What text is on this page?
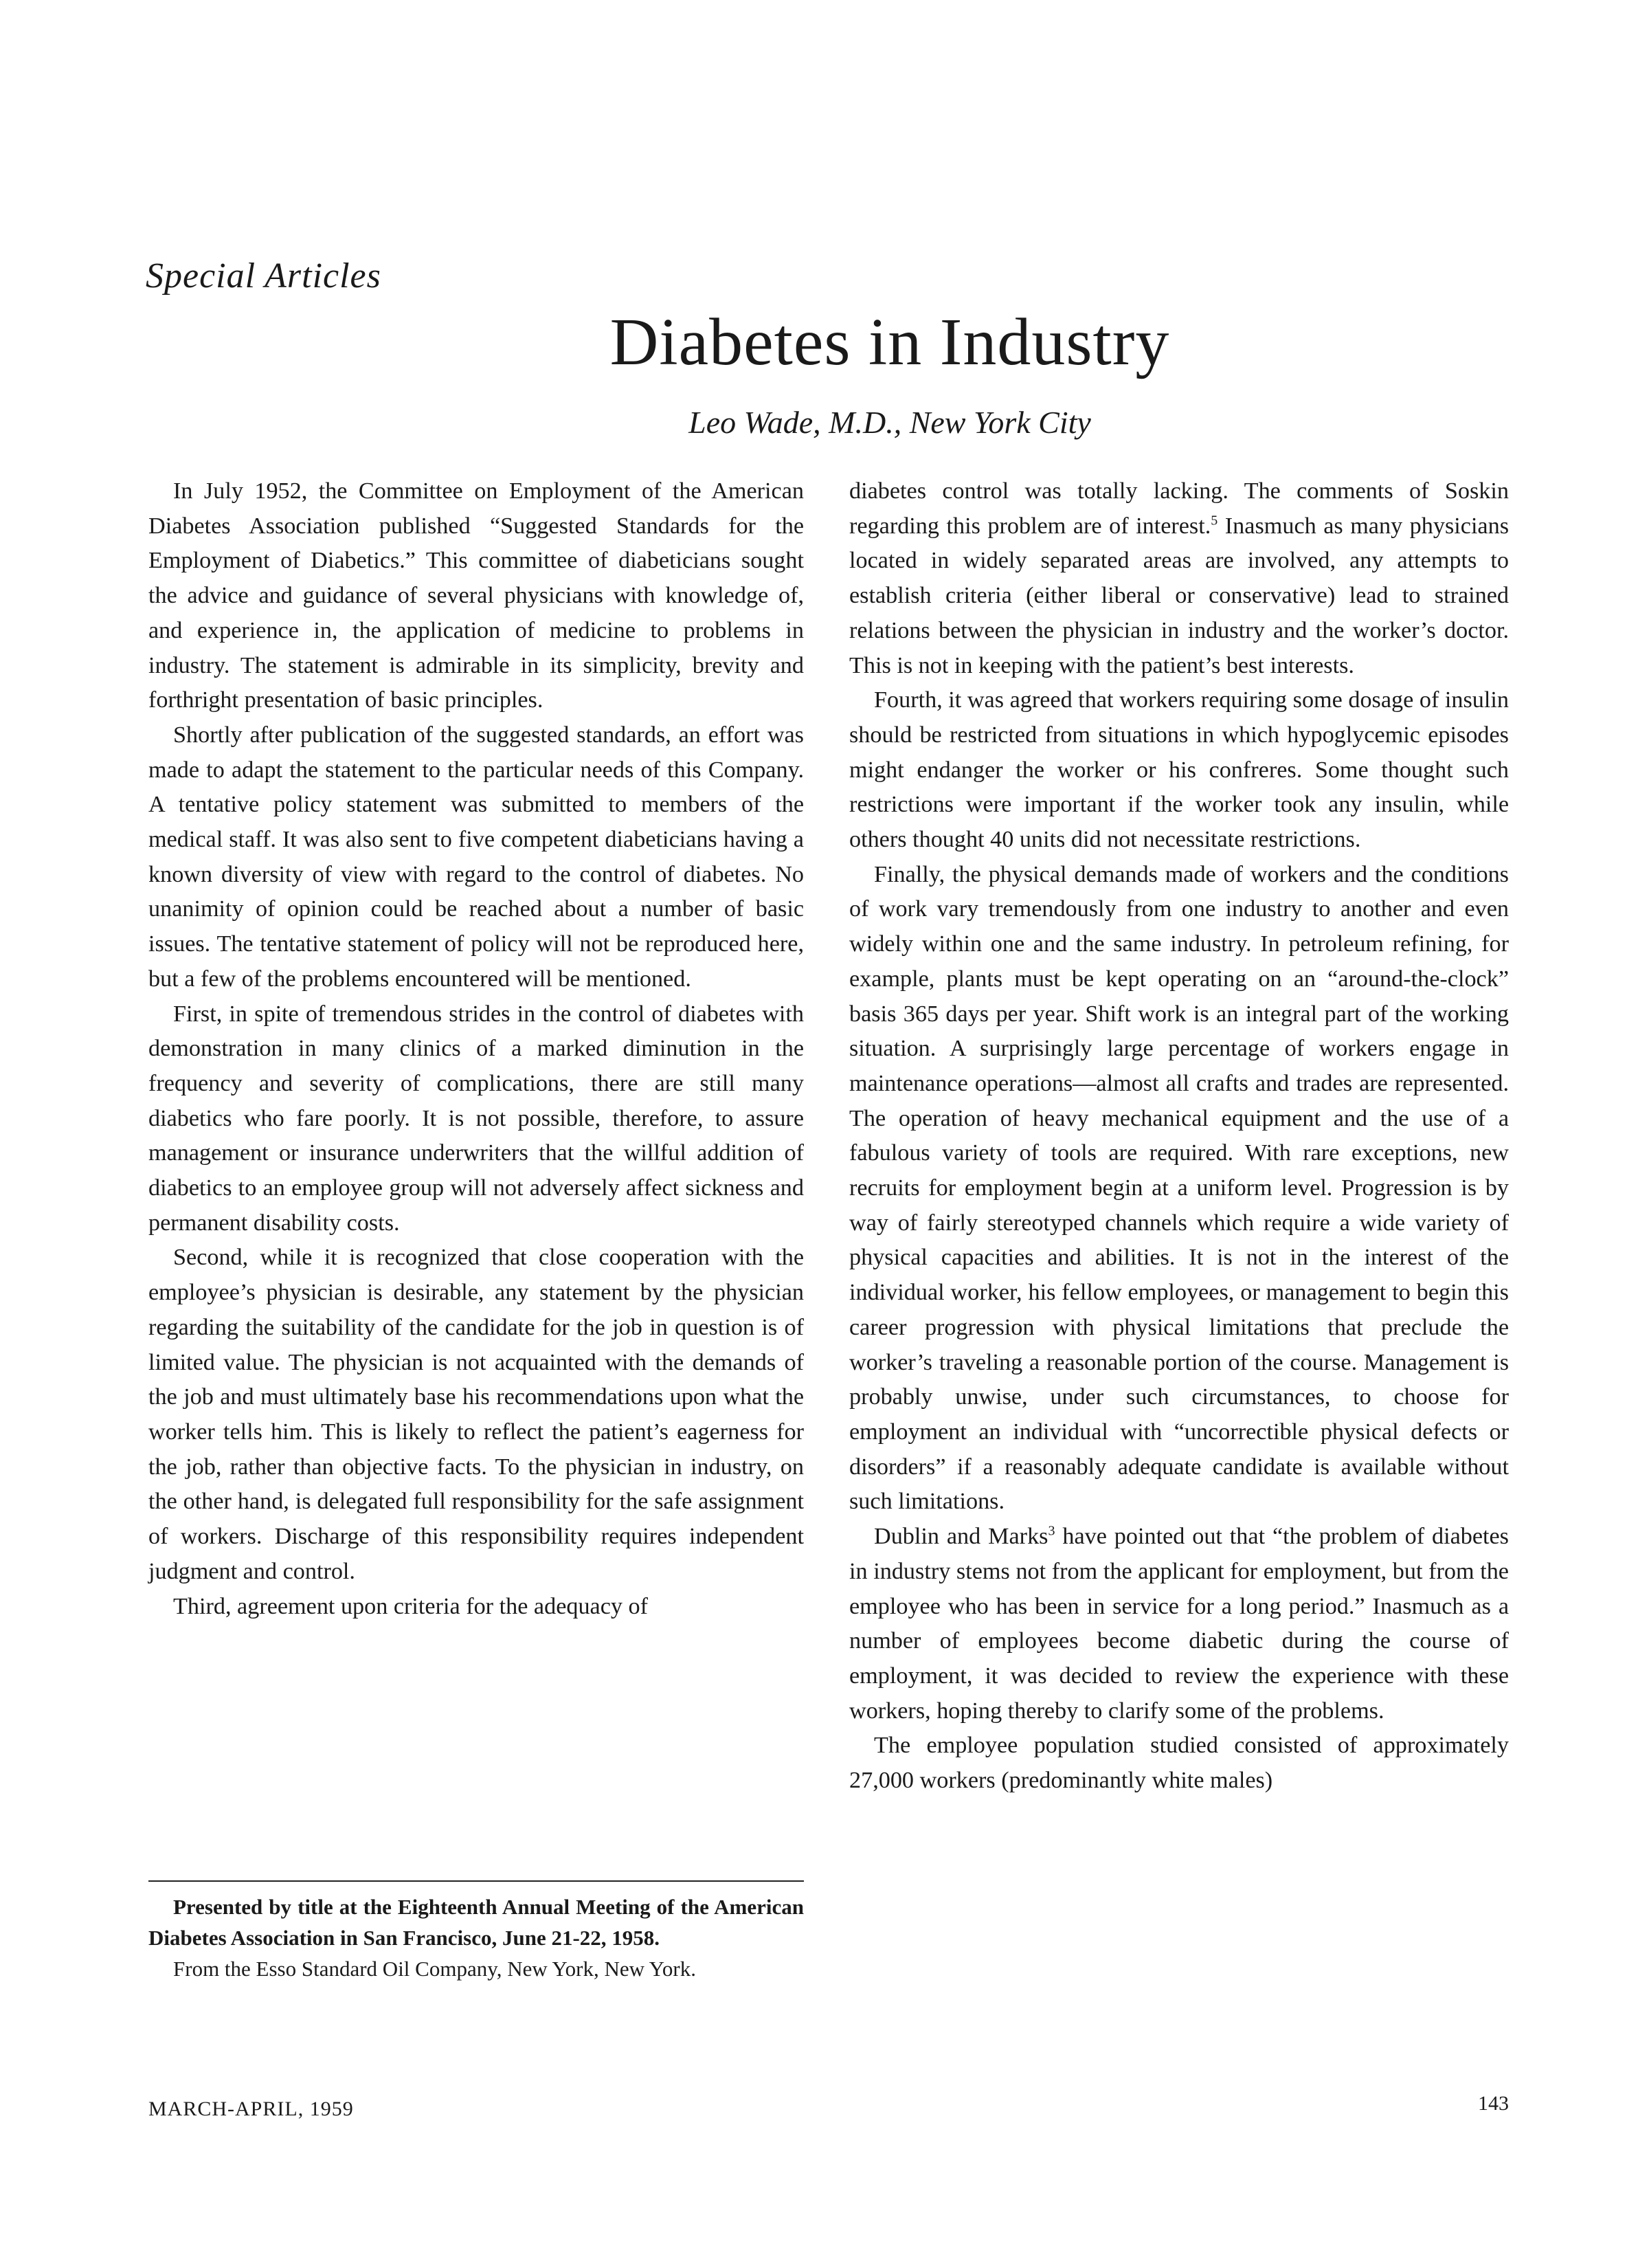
Special Articles
Diabetes in Industry
Leo Wade, M.D., New York City

In July 1952, the Committee on Employment of the American Diabetes Association published “Suggested Standards for the Employment of Diabetics.” This committee of diabeticians sought the advice and guidance of several physicians with knowledge of, and experience in, the application of medicine to problems in industry. The statement is admirable in its simplicity, brevity and forthright presentation of basic principles.

Shortly after publication of the suggested standards, an effort was made to adapt the statement to the particular needs of this Company. A tentative policy statement was submitted to members of the medical staff. It was also sent to five competent diabeticians having a known diversity of view with regard to the control of diabetes. No unanimity of opinion could be reached about a number of basic issues. The tentative statement of policy will not be reproduced here, but a few of the problems encountered will be mentioned.

First, in spite of tremendous strides in the control of diabetes with demonstration in many clinics of a marked diminution in the frequency and severity of complications, there are still many diabetics who fare poorly. It is not possible, therefore, to assure management or insurance underwriters that the willful addition of diabetics to an employee group will not adversely affect sickness and permanent disability costs.

Second, while it is recognized that close cooperation with the employee’s physician is desirable, any statement by the physician regarding the suitability of the candidate for the job in question is of limited value. The physician is not acquainted with the demands of the job and must ultimately base his recommendations upon what the worker tells him. This is likely to reflect the patient’s eagerness for the job, rather than objective facts. To the physician in industry, on the other hand, is delegated full responsibility for the safe assignment of workers. Discharge of this responsibility requires independent judgment and control.

Third, agreement upon criteria for the adequacy of

diabetes control was totally lacking. The comments of Soskin regarding this problem are of interest.$^5$ Inasmuch as many physicians located in widely separated areas are involved, any attempts to establish criteria (either liberal or conservative) lead to strained relations between the physician in industry and the worker’s doctor. This is not in keeping with the patient’s best interests.

Fourth, it was agreed that workers requiring some dosage of insulin should be restricted from situations in which hypoglycemic episodes might endanger the worker or his confreres. Some thought such restrictions were important if the worker took any insulin, while others thought 40 units did not necessitate restrictions.

Finally, the physical demands made of workers and the conditions of work vary tremendously from one industry to another and even widely within one and the same industry. In petroleum refining, for example, plants must be kept operating on an “around-the-clock” basis 365 days per year. Shift work is an integral part of the working situation. A surprisingly large percentage of workers engage in maintenance operations—almost all crafts and trades are represented. The operation of heavy mechanical equipment and the use of a fabulous variety of tools are required. With rare exceptions, new recruits for employment begin at a uniform level. Progression is by way of fairly stereotyped channels which require a wide variety of physical capacities and abilities. It is not in the interest of the individual worker, his fellow employees, or management to begin this career progression with physical limitations that preclude the worker’s traveling a reasonable portion of the course. Management is probably unwise, under such circumstances, to choose for employment an individual with “uncorrectible physical defects or disorders” if a reasonably adequate candidate is available without such limitations.

Dublin and Marks$^3$ have pointed out that “the problem of diabetes in industry stems not from the applicant for employment, but from the employee who has been in service for a long period.” Inasmuch as a number of employees become diabetic during the course of employment, it was decided to review the experience with these workers, hoping thereby to clarify some of the problems.

The employee population studied consisted of approximately 27,000 workers (predominantly white males)

Presented by title at the Eighteenth Annual Meeting of the American Diabetes Association in San Francisco, June 21-22, 1958.

From the Esso Standard Oil Company, New York, New York.

MARCH-APRIL, 1959	143
